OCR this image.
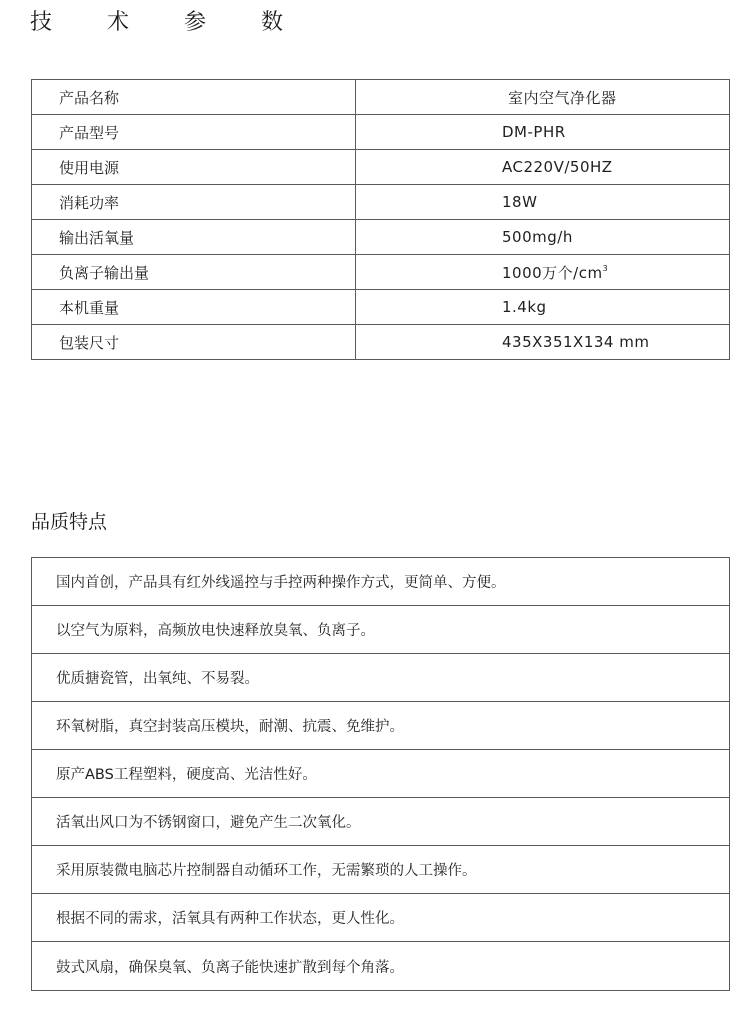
技 术 参 数
产品名称	室内空气净化器
产品型号	DM-PHR
使用电源	AC220V/50HZ
消耗功率	18W
输出活氧量	500mg/h
负离子输出量	1000万个$/cm^3$
本机重量	1.4kg
包装尺寸	435X351X134 mm
品质特点
国内首创，产品具有红外线遥控与手控两种操作方式，更简单、方便。
以空气为原料，高频放电快速释放臭氧、负离子。
优质搪瓷管，出氧纯、不易裂。
环氧树脂，真空封装高压模块，耐潮、抗震、免维护。
原产ABS工程塑料，硬度高、光洁性好。
活氧出风口为不锈钢窗口，避免产生二次氧化。
采用原装微电脑芯片控制器自动循环工作，无需繁琐的人工操作。
根据不同的需求，活氧具有两种工作状态，更人性化。
鼓式风扇，确保臭氧、负离子能快速扩散到每个角落。
